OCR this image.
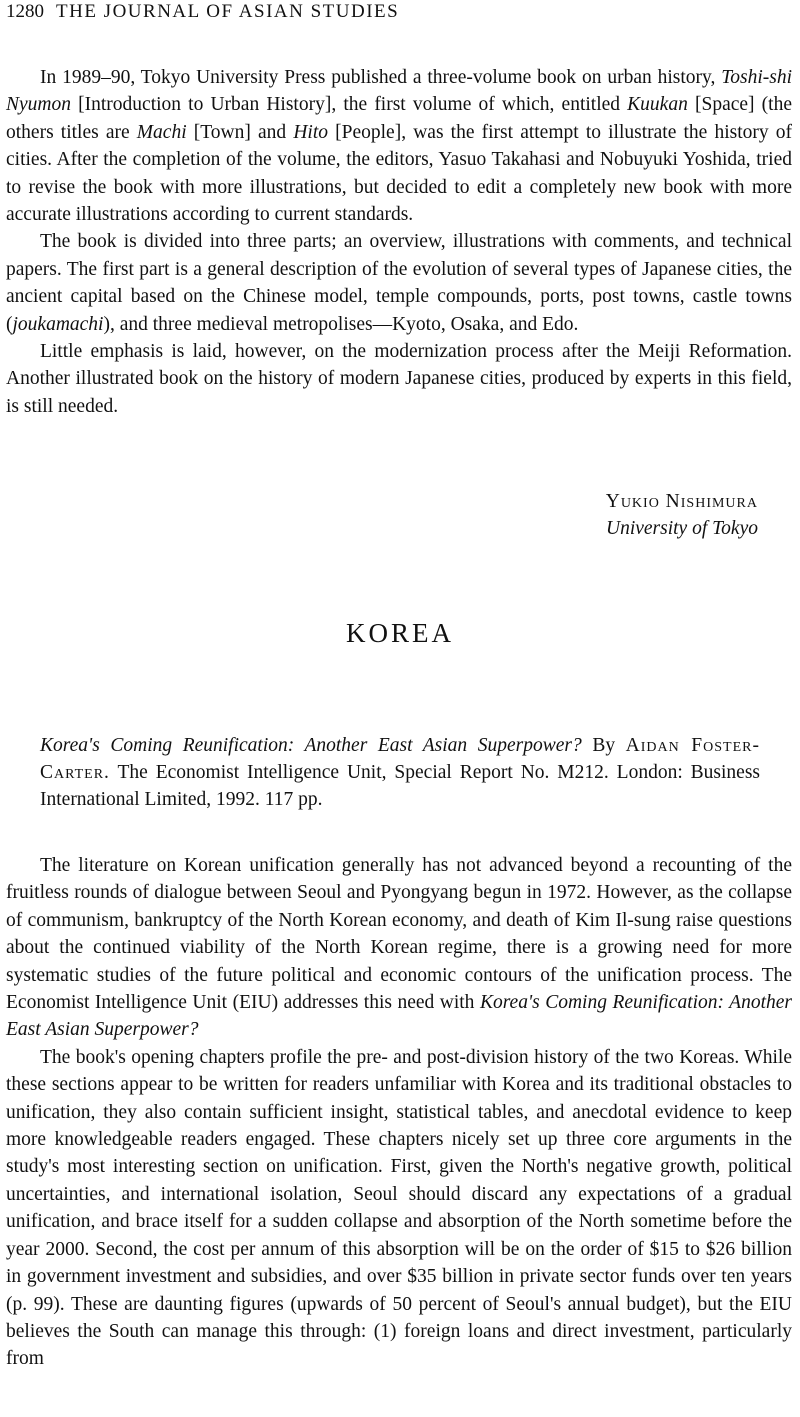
1280 THE JOURNAL OF ASIAN STUDIES

In 1989–90, Tokyo University Press published a three-volume book on urban history, Toshi-shi Nyumon [Introduction to Urban History], the first volume of which, entitled Kuukan [Space] (the others titles are Machi [Town] and Hito [People], was the first attempt to illustrate the history of cities. After the completion of the volume, the editors, Yasuo Takahasi and Nobuyuki Yoshida, tried to revise the book with more illustrations, but decided to edit a completely new book with more accurate illustrations according to current standards.

The book is divided into three parts; an overview, illustrations with comments, and technical papers. The first part is a general description of the evolution of several types of Japanese cities, the ancient capital based on the Chinese model, temple compounds, ports, post towns, castle towns (joukamachi), and three medieval metropolises—Kyoto, Osaka, and Edo.

Little emphasis is laid, however, on the modernization process after the Meiji Reformation. Another illustrated book on the history of modern Japanese cities, produced by experts in this field, is still needed.

Yukio Nishimura
University of Tokyo
KOREA
Korea's Coming Reunification: Another East Asian Superpower? By Aidan Foster-Carter. The Economist Intelligence Unit, Special Report No. M212. London: Business International Limited, 1992. 117 pp.

The literature on Korean unification generally has not advanced beyond a recounting of the fruitless rounds of dialogue between Seoul and Pyongyang begun in 1972. However, as the collapse of communism, bankruptcy of the North Korean economy, and death of Kim Il-sung raise questions about the continued viability of the North Korean regime, there is a growing need for more systematic studies of the future political and economic contours of the unification process. The Economist Intelligence Unit (EIU) addresses this need with Korea's Coming Reunification: Another East Asian Superpower?

The book's opening chapters profile the pre- and post-division history of the two Koreas. While these sections appear to be written for readers unfamiliar with Korea and its traditional obstacles to unification, they also contain sufficient insight, statistical tables, and anecdotal evidence to keep more knowledgeable readers engaged. These chapters nicely set up three core arguments in the study's most interesting section on unification. First, given the North's negative growth, political uncertainties, and international isolation, Seoul should discard any expectations of a gradual unification, and brace itself for a sudden collapse and absorption of the North sometime before the year 2000. Second, the cost per annum of this absorption will be on the order of $15 to $26 billion in government investment and subsidies, and over $35 billion in private sector funds over ten years (p. 99). These are daunting figures (upwards of 50 percent of Seoul's annual budget), but the EIU believes the South can manage this through: (1) foreign loans and direct investment, particularly from
